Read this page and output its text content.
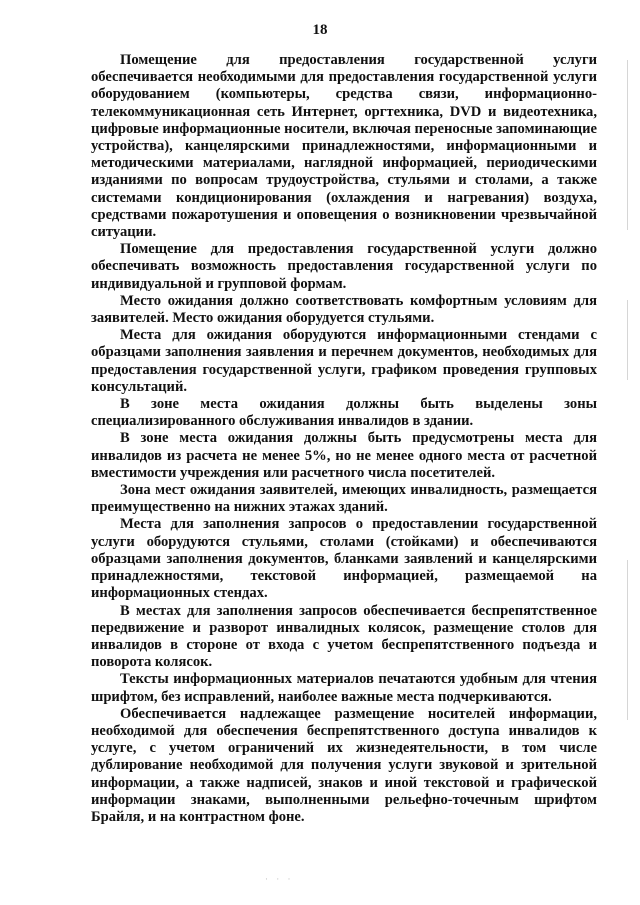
18

Помещение для предоставления государственной услуги обеспечивается необходимыми для предоставления государственной услуги оборудованием (компьютеры, средства связи, информационно-телекоммуникационная сеть Интернет, оргтехника, DVD и видеотехника, цифровые информационные носители, включая переносные запоминающие устройства), канцелярскими принадлежностями, информационными и методическими материалами, наглядной информацией, периодическими изданиями по вопросам трудоустройства, стульями и столами, а также системами кондиционирования (охлаждения и нагревания) воздуха, средствами пожаротушения и оповещения о возникновении чрезвычайной ситуации.

Помещение для предоставления государственной услуги должно обеспечивать возможность предоставления государственной услуги по индивидуальной и групповой формам.

Место ожидания должно соответствовать комфортным условиям для заявителей. Место ожидания оборудуется стульями.

Места для ожидания оборудуются информационными стендами с образцами заполнения заявления и перечнем документов, необходимых для предоставления государственной услуги, графиком проведения групповых консультаций.

В зоне места ожидания должны быть выделены зоны специализированного обслуживания инвалидов в здании.

В зоне места ожидания должны быть предусмотрены места для инвалидов из расчета не менее 5%, но не менее одного места от расчетной вместимости учреждения или расчетного числа посетителей.

Зона мест ожидания заявителей, имеющих инвалидность, размещается преимущественно на нижних этажах зданий.

Места для заполнения запросов о предоставлении государственной услуги оборудуются стульями, столами (стойками) и обеспечиваются образцами заполнения документов, бланками заявлений и канцелярскими принадлежностями, текстовой информацией, размещаемой на информационных стендах.

В местах для заполнения запросов обеспечивается беспрепятственное передвижение и разворот инвалидных колясок, размещение столов для инвалидов в стороне от входа с учетом беспрепятственного подъезда и поворота колясок.

Тексты информационных материалов печатаются удобным для чтения шрифтом, без исправлений, наиболее важные места подчеркиваются.

Обеспечивается надлежащее размещение носителей информации, необходимой для обеспечения беспрепятственного доступа инвалидов к услуге, с учетом ограничений их жизнедеятельности, в том числе дублирование необходимой для получения услуги звуковой и зрительной информации, а также надписей, знаков и иной текстовой и графической информации знаками, выполненными рельефно-точечным шрифтом Брайля, и на контрастном фоне.

· · ·
